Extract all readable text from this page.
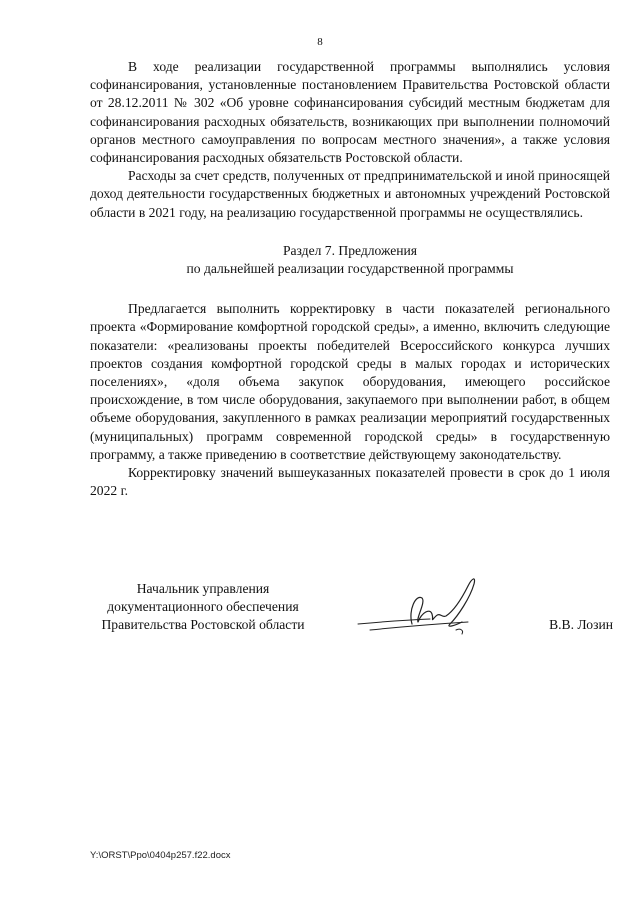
8

В ходе реализации государственной программы выполнялись условия софинансирования, установленные постановлением Правительства Ростовской области от 28.12.2011 № 302 «Об уровне софинансирования субсидий местным бюджетам для софинансирования расходных обязательств, возникающих при выполнении полномочий органов местного самоуправления по вопросам местного значения», а также условия софинансирования расходных обязательств Ростовской области.

Расходы за счет средств, полученных от предпринимательской и иной приносящей доход деятельности государственных бюджетных и автономных учреждений Ростовской области в 2021 году, на реализацию государственной программы не осуществлялись.

Раздел 7. Предложения
по дальнейшей реализации государственной программы

Предлагается выполнить корректировку в части показателей регионального проекта «Формирование комфортной городской среды», а именно, включить следующие показатели: «реализованы проекты победителей Всероссийского конкурса лучших проектов создания комфортной городской среды в малых городах и исторических поселениях», «доля объема закупок оборудования, имеющего российское происхождение, в том числе оборудования, закупаемого при выполнении работ, в общем объеме оборудования, закупленного в рамках реализации мероприятий государственных (муниципальных) программ современной городской среды» в государственную программу, а также приведению в соответствие действующему законодательству.

Корректировку значений вышеуказанных показателей провести в срок до 1 июля 2022 г.

Начальник управления
документационного обеспечения
Правительства Ростовской области	В.В. Лозин
Y:\ORST\Ppo\0404p257.f22.docx
